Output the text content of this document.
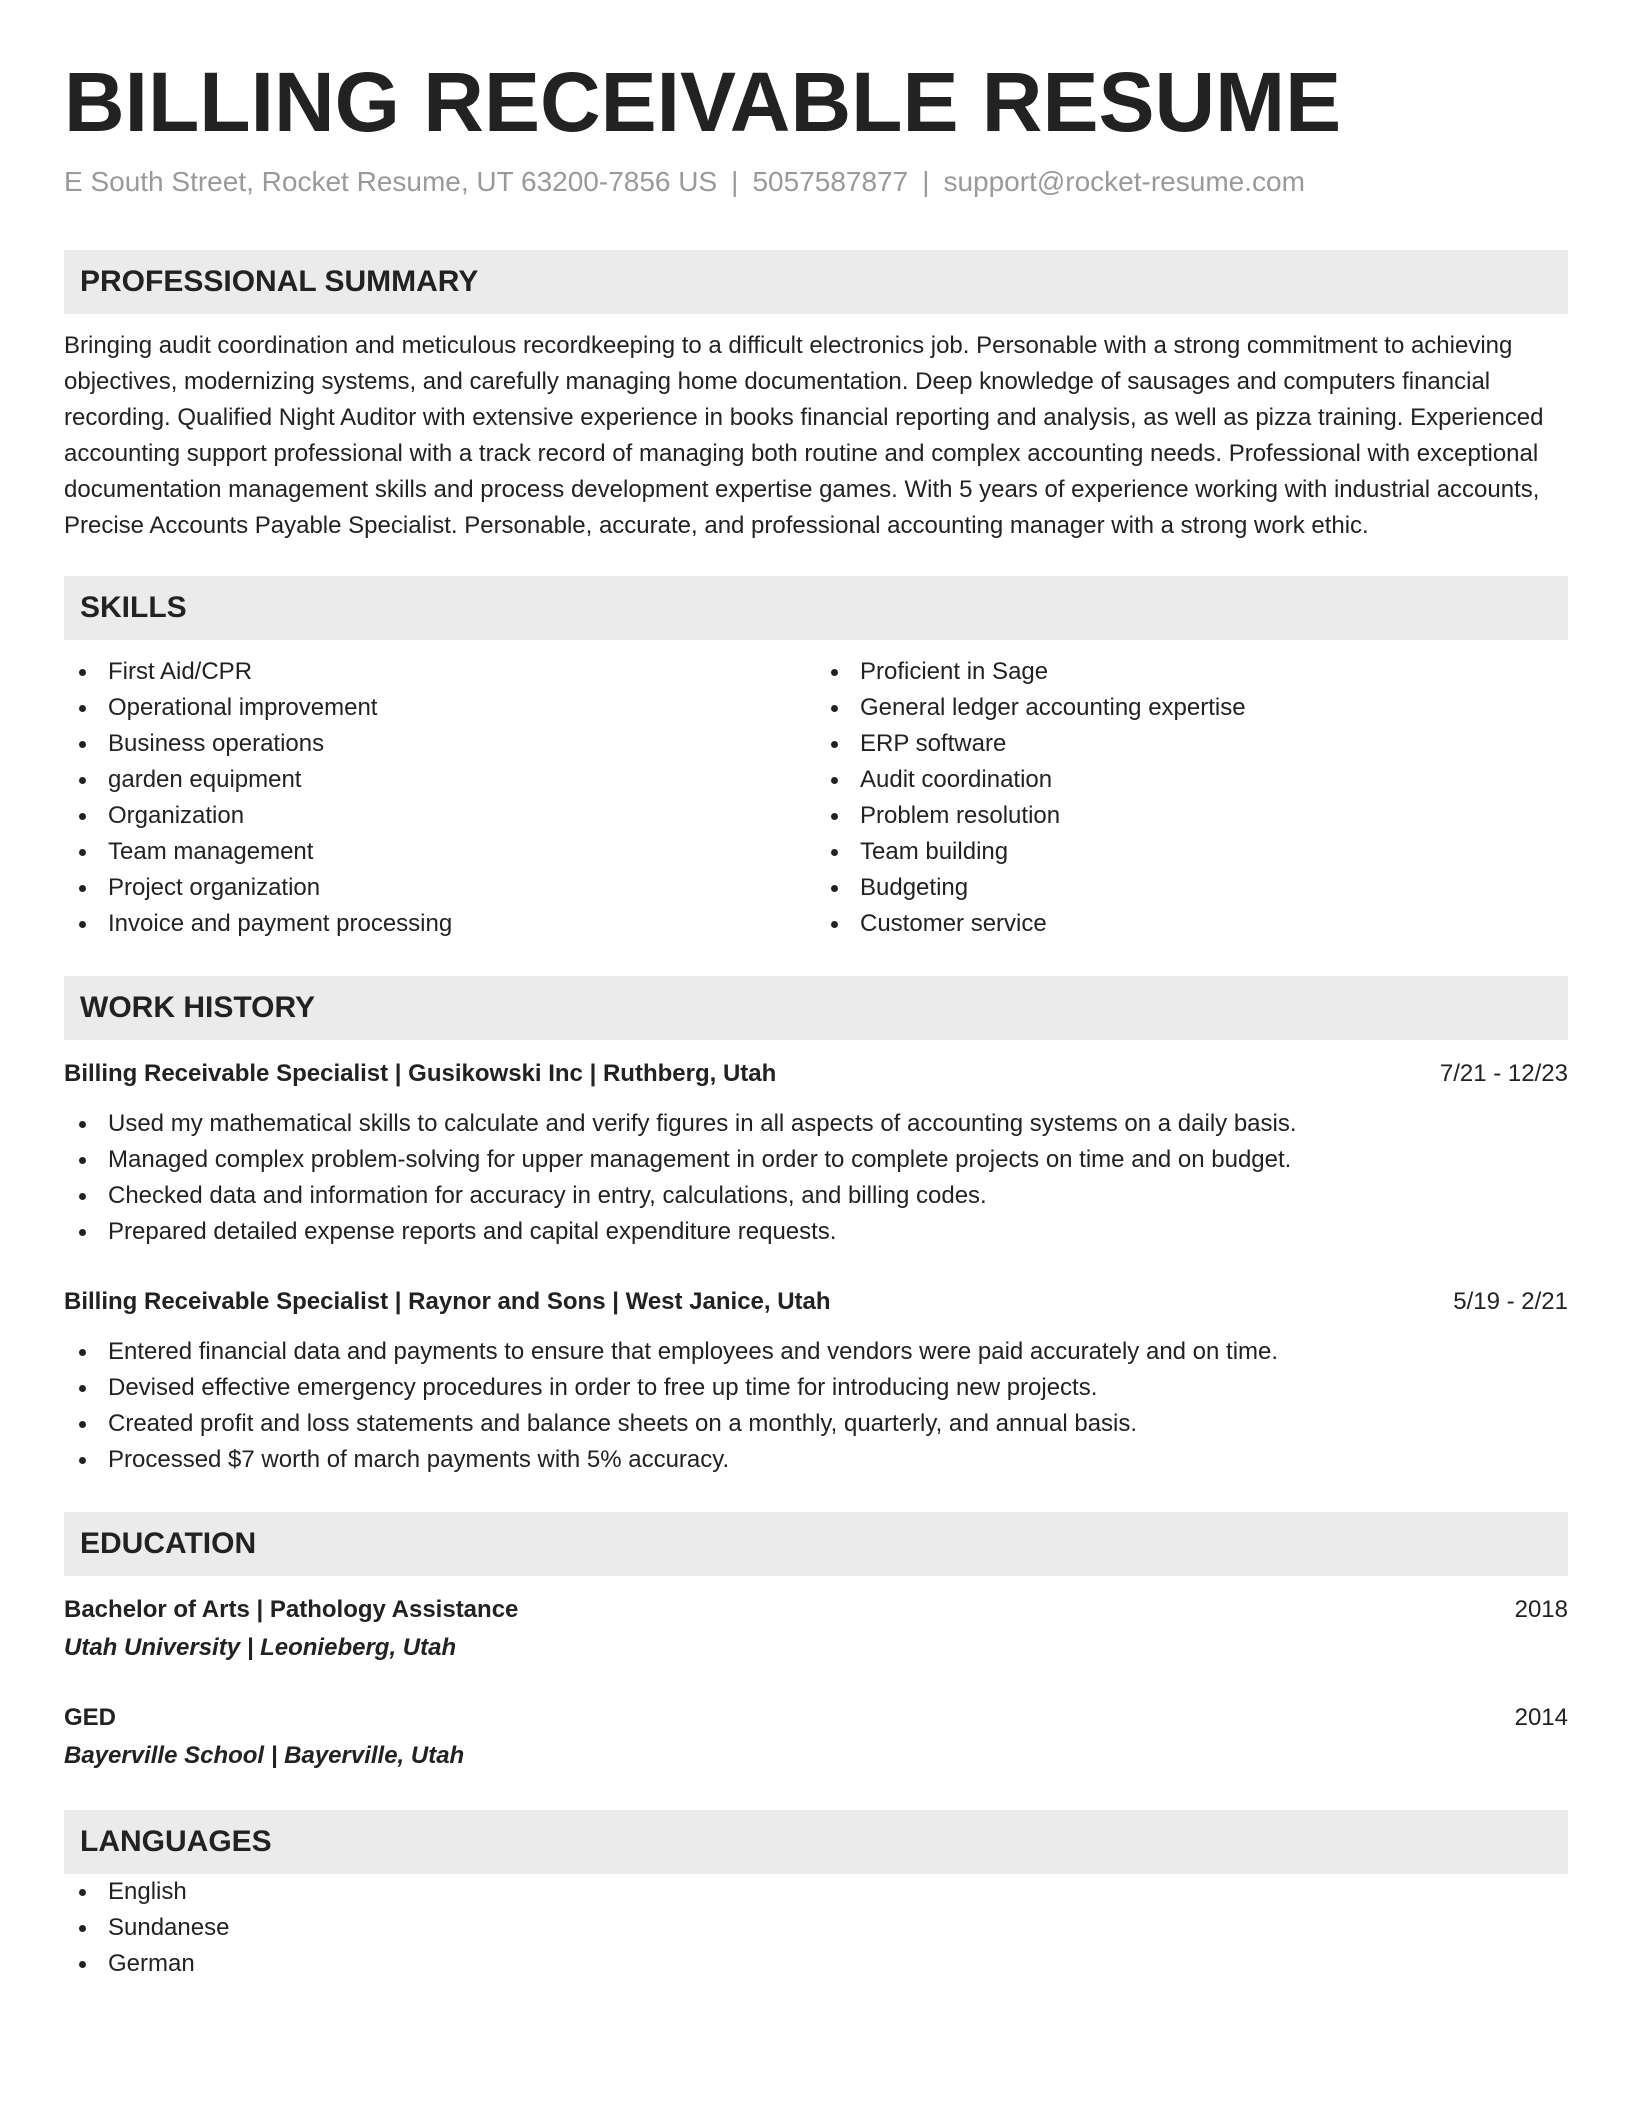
BILLING RECEIVABLE RESUME
E South Street, Rocket Resume, UT 63200-7856 US | 5057587877 | support@rocket-resume.com
PROFESSIONAL SUMMARY

Bringing audit coordination and meticulous recordkeeping to a difficult electronics job. Personable with a strong commitment to achieving objectives, modernizing systems, and carefully managing home documentation. Deep knowledge of sausages and computers financial recording. Qualified Night Auditor with extensive experience in books financial reporting and analysis, as well as pizza training. Experienced accounting support professional with a track record of managing both routine and complex accounting needs. Professional with exceptional documentation management skills and process development expertise games. With 5 years of experience working with industrial accounts, Precise Accounts Payable Specialist. Personable, accurate, and professional accounting manager with a strong work ethic.

SKILLS
First Aid/CPR
Operational improvement
Business operations
garden equipment
Organization
Team management
Project organization
Invoice and payment processing
Proficient in Sage
General ledger accounting expertise
ERP software
Audit coordination
Problem resolution
Team building
Budgeting
Customer service
WORK HISTORY
Billing Receivable Specialist | Gusikowski Inc | Ruthberg, Utah	7/21 - 12/23
Used my mathematical skills to calculate and verify figures in all aspects of accounting systems on a daily basis.
Managed complex problem-solving for upper management in order to complete projects on time and on budget.
Checked data and information for accuracy in entry, calculations, and billing codes.
Prepared detailed expense reports and capital expenditure requests.
Billing Receivable Specialist | Raynor and Sons | West Janice, Utah	5/19 - 2/21
Entered financial data and payments to ensure that employees and vendors were paid accurately and on time.
Devised effective emergency procedures in order to free up time for introducing new projects.
Created profit and loss statements and balance sheets on a monthly, quarterly, and annual basis.
Processed $7 worth of march payments with 5% accuracy.
EDUCATION
Bachelor of Arts | Pathology Assistance	2018
Utah University | Leonieberg, Utah
GED	2014
Bayerville School | Bayerville, Utah
LANGUAGES
English
Sundanese
German
